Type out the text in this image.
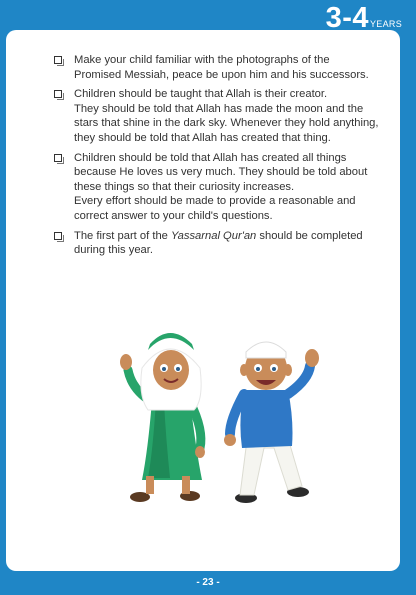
3-4 YEARS
Make your child familiar with the photographs of the
Promised Messiah, peace be upon him and his successors.
Children should be taught that Allah is their creator.
They should be told that Allah has made the moon and the
stars that shine in the dark sky. Whenever they hold anything,
they should be told that Allah has created that thing.
Children should be told that Allah has created all things
because He loves us very much. They should be told about
these things so that their curiosity increases.
Every effort should be made to provide a reasonable and
correct answer to your child's questions.
The first part of the Yassarnal Qur'an should be completed
during this year.
- 23 -
